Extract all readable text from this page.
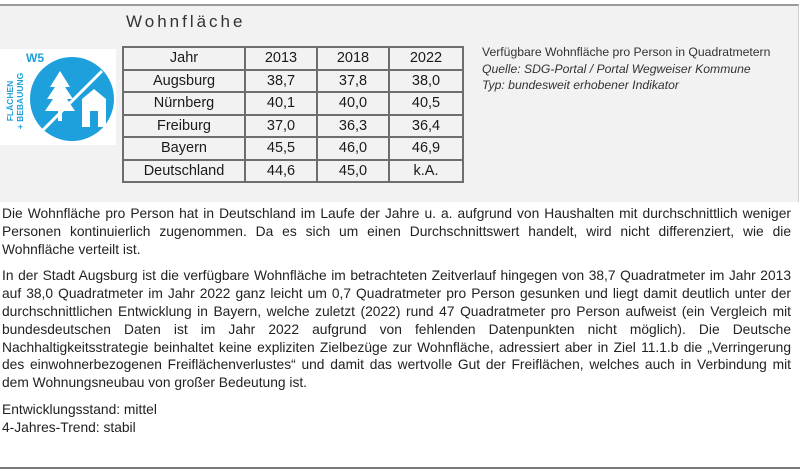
Wohnfläche
FLÄCHEN + BEBAUUNG
W5	Jahr	2013	2018	2022
Augsburg	38,7	37,8	38,0
Nürnberg	40,1	40,0	40,5
Freiburg	37,0	36,3	36,4
Bayern	45,5	46,0	46,9
Deutschland	44,6	45,0	k.A.
Verfügbare Wohnfläche pro Person in Quadratmetern
Quelle: SDG-Portal / Portal Wegweiser Kommune
Typ: bundesweit erhobener Indikator

Die Wohnfläche pro Person hat in Deutschland im Laufe der Jahre u. a. aufgrund von Haushalten mit durchschnittlich weniger Personen kontinuierlich zugenommen. Da es sich um einen Durchschnittswert handelt, wird nicht differenziert, wie die Wohnfläche verteilt ist.

In der Stadt Augsburg ist die verfügbare Wohnfläche im betrachteten Zeitverlauf hingegen von 38,7 Quadratmeter im Jahr 2013 auf 38,0 Quadratmeter im Jahr 2022 ganz leicht um 0,7 Quadratmeter pro Person gesunken und liegt damit deutlich unter der durchschnittlichen Entwicklung in Bayern, welche zuletzt (2022) rund 47 Quadratmeter pro Person aufweist (ein Vergleich mit bundesdeutschen Daten ist im Jahr 2022 aufgrund von fehlenden Datenpunkten nicht möglich). Die Deutsche Nachhaltigkeitsstrategie beinhaltet keine expliziten Zielbezüge zur Wohnfläche, adressiert aber in Ziel 11.1.b die „Verringerung des einwohnerbezogenen Freiflächenverlustes“ und damit das wertvolle Gut der Freiflächen, welches auch in Verbindung mit dem Wohnungsneubau von großer Bedeutung ist.

Entwicklungsstand: mittel
4-Jahres-Trend: stabil
